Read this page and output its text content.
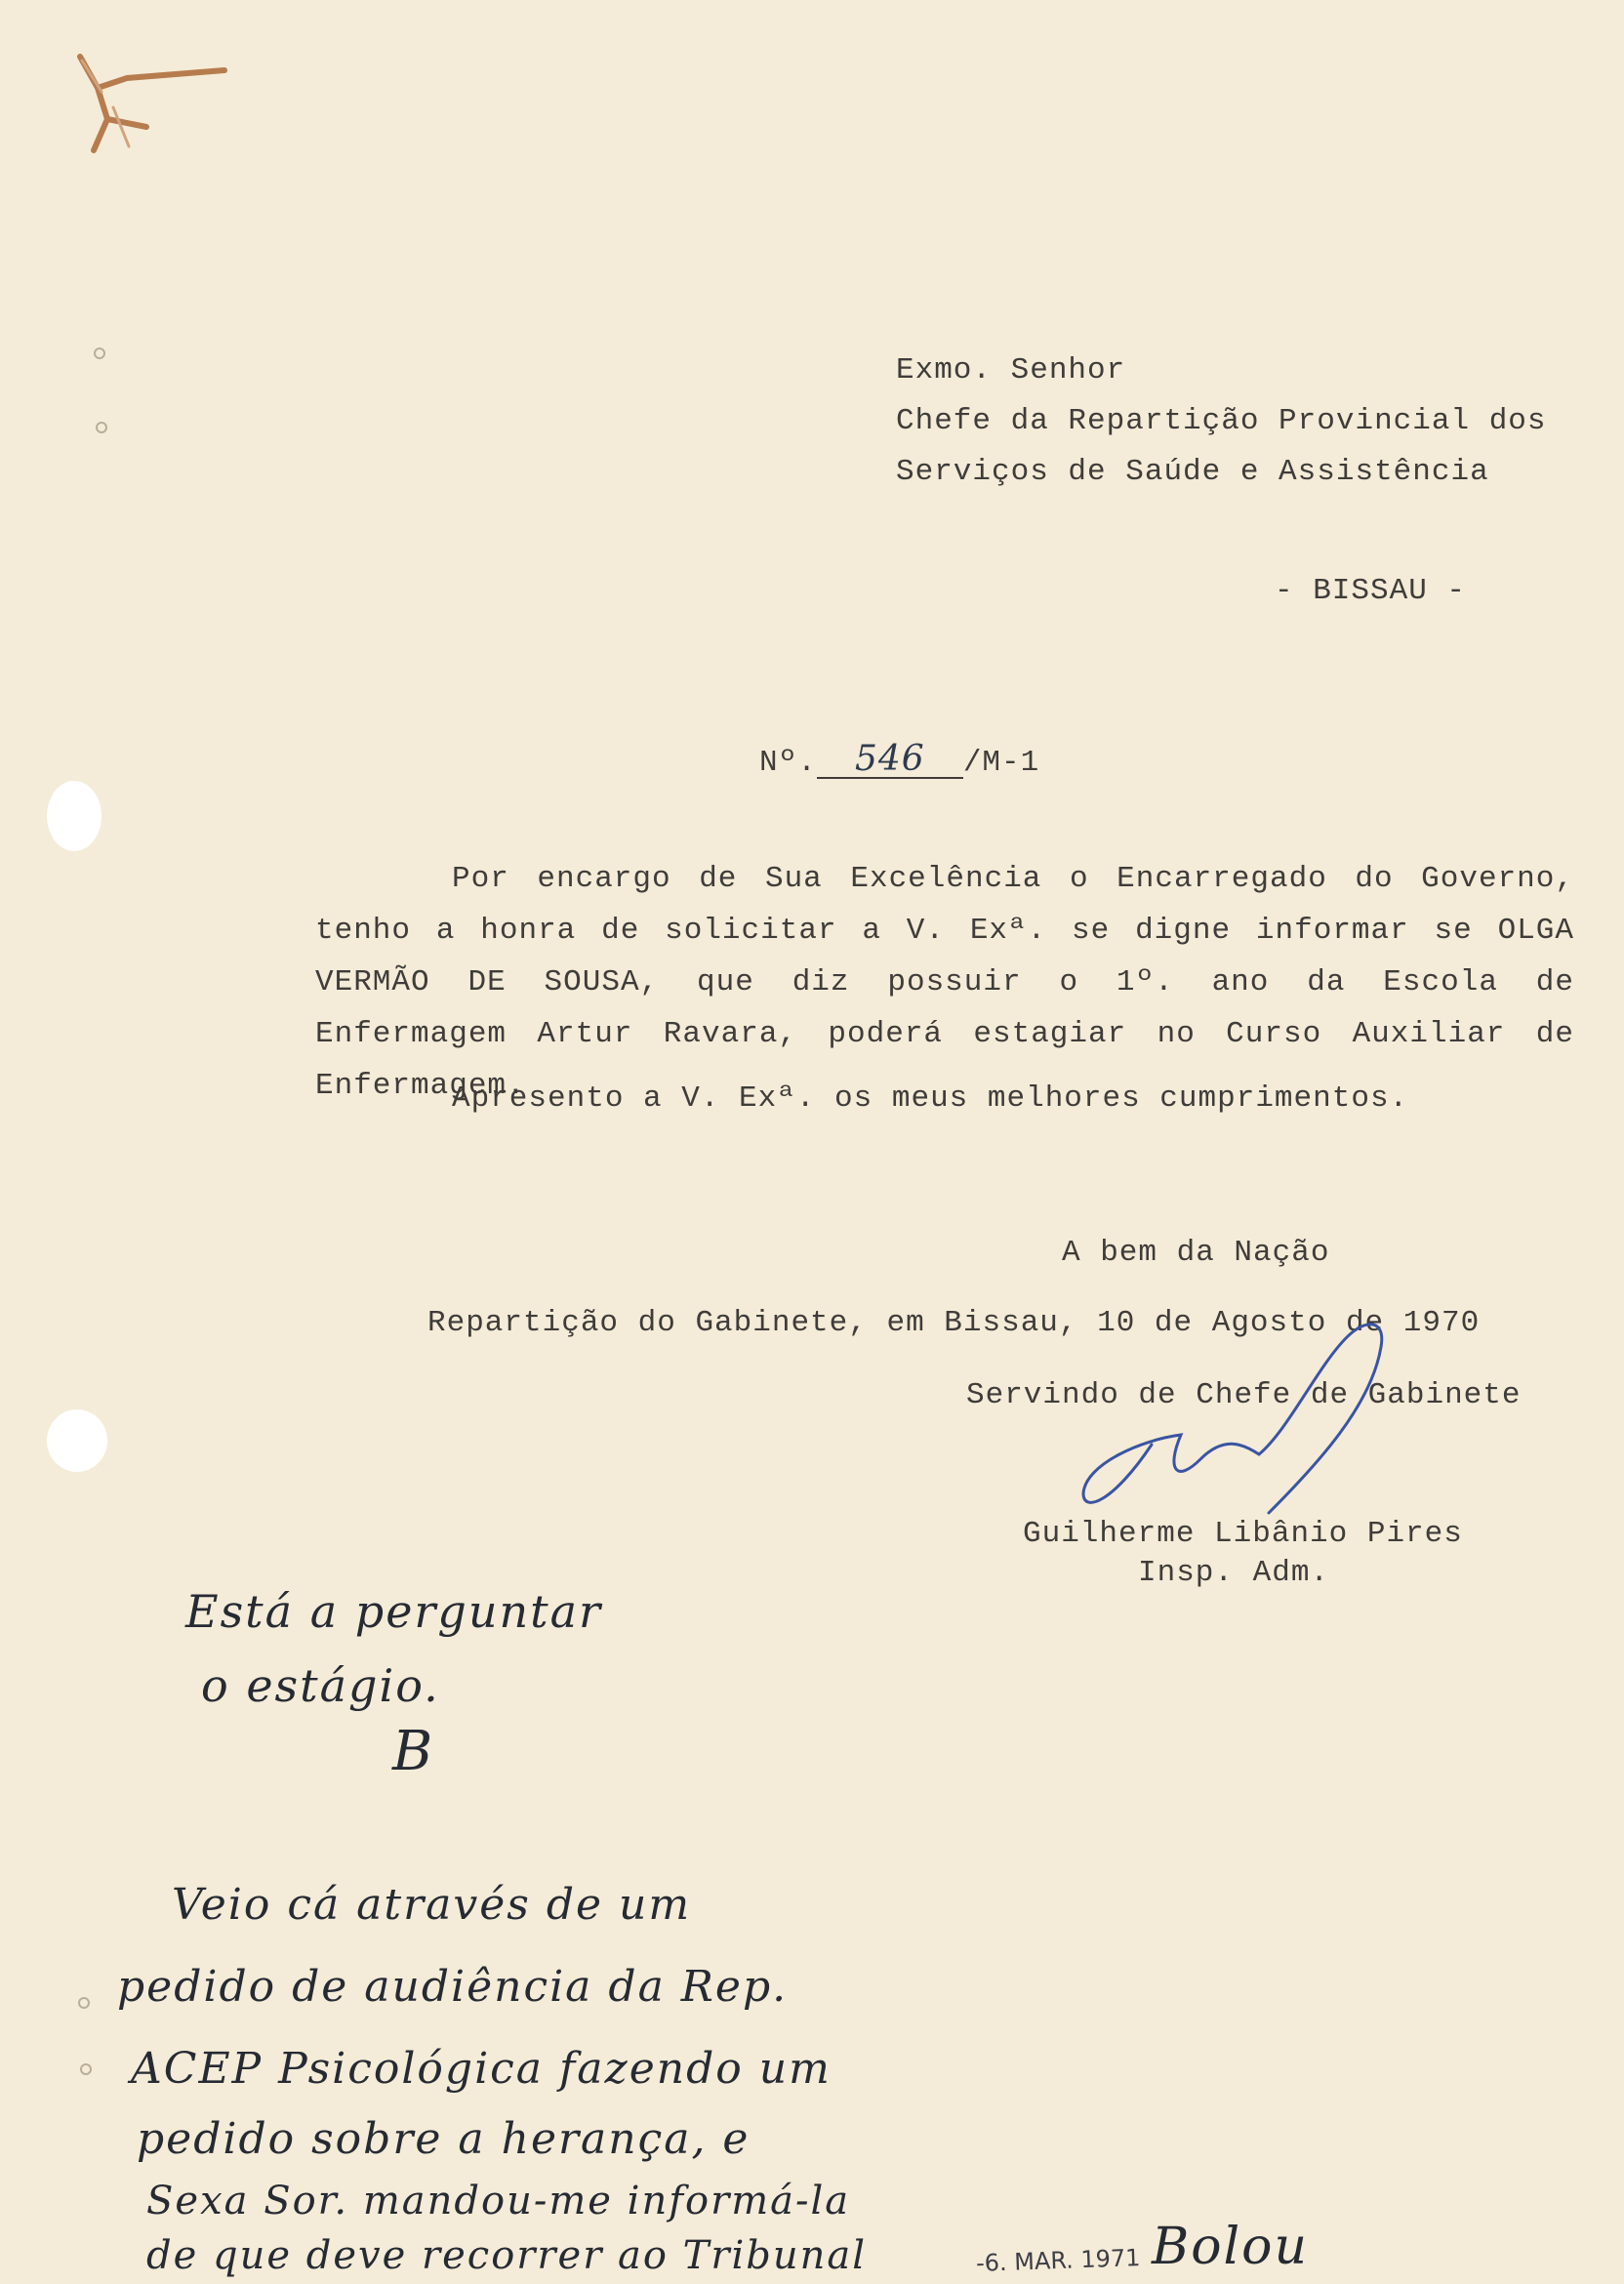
Exmo. Senhor
Chefe da Repartição Provincial dos
Serviços de Saúde e Assistência
- BISSAU -
Nº. 546 /M-1
Por encargo de Sua Excelência o Encarregado do Governo, tenho a honra de solicitar a V. Exª. se digne informar se OLGA VERMÃO DE SOUSA, que diz possuir o 1º. ano da Escola de Enfermagem Artur Ravara, poderá estagiar no Curso Auxiliar de Enfermagem.
Apresento a V. Exª. os meus melhores cumprimentos.
A bem da Nação
Repartição do Gabinete, em Bissau, 10 de Agosto de 1970
Servindo de Chefe de Gabinete
Guilherme Libânio Pires
Insp. Adm.
Está a perguntar
o estágio.
B
Veio cá através de um
pedido de audiência da Rep.
ACEP Psicológica fazendo um
pedido sobre a herança, e
Sexa Sor. mandou-me informá-la
de que deve recorrer ao Tribunal	-6. MAR. 1971 Bolou
